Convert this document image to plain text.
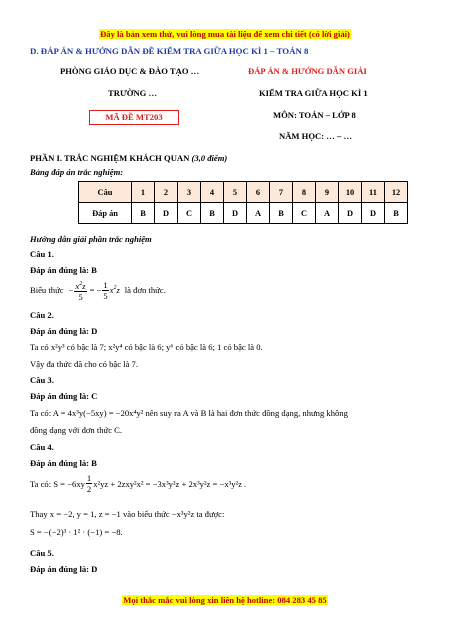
Đây là bản xem thử, vui lòng mua tài liệu để xem chi tiết (có lời giải)
D. ĐÁP ÁN & HƯỚNG DẪN ĐỀ KIỂM TRA GIỮA HỌC KÌ 1 – TOÁN 8
PHÒNG GIÁO DỤC & ĐÀO TẠO …
TRƯỜNG …
MÃ ĐỀ MT203
ĐÁP ÁN & HƯỚNG DẪN GIẢI
KIỂM TRA GIỮA HỌC KÌ 1
MÔN: TOÁN – LỚP 8
NĂM HỌC: … – …
PHẦN I. TRẮC NGHIỆM KHÁCH QUAN (3,0 điểm)
Bảng đáp án trắc nghiệm:
Câu	1	2	3	4	5	6	7	8	9	10	11	12
Đáp án	B	D	C	B	D	A	B	C	A	D	D	B
Hướng dẫn giải phần trắc nghiệm
Câu 1.
Đáp án đúng là: B
Biểu thức − $\frac{x^2z}{5}$ = − $\frac{1}{5} x^2z$ là đơn thức.
Câu 2.
Đáp án đúng là: D
Ta có x²y³ có bậc là 7; x²y⁴ có bậc là 6; y⁶ có bậc là 6; 1 có bậc là 0.
Vậy đa thức đã cho có bậc là 7.
Câu 3.
Đáp án đúng là: C
Ta có: A = 4x³y(−5xy) = −20x⁴y² nên suy ra A và B là hai đơn thức đồng dạng, nhưng không
đồng dạng với đơn thức C.
Câu 4.
Đáp án đúng là: B
Ta có: $S = -6xy \frac{1}{2} x^2yz + 2zxy^2x^2 = -3x^3y^2z + 2x^3y^2z = -x^3y^2z$ .
Thay x = −2, y = 1, z = −1 vào biểu thức −x³y²z ta được:
S = −(−2)³ · 1² · (−1) = −8.
Câu 5.
Đáp án đúng là: D
Mọi thắc mắc vui lòng xin liên hệ hotline: 084 283 45 85
